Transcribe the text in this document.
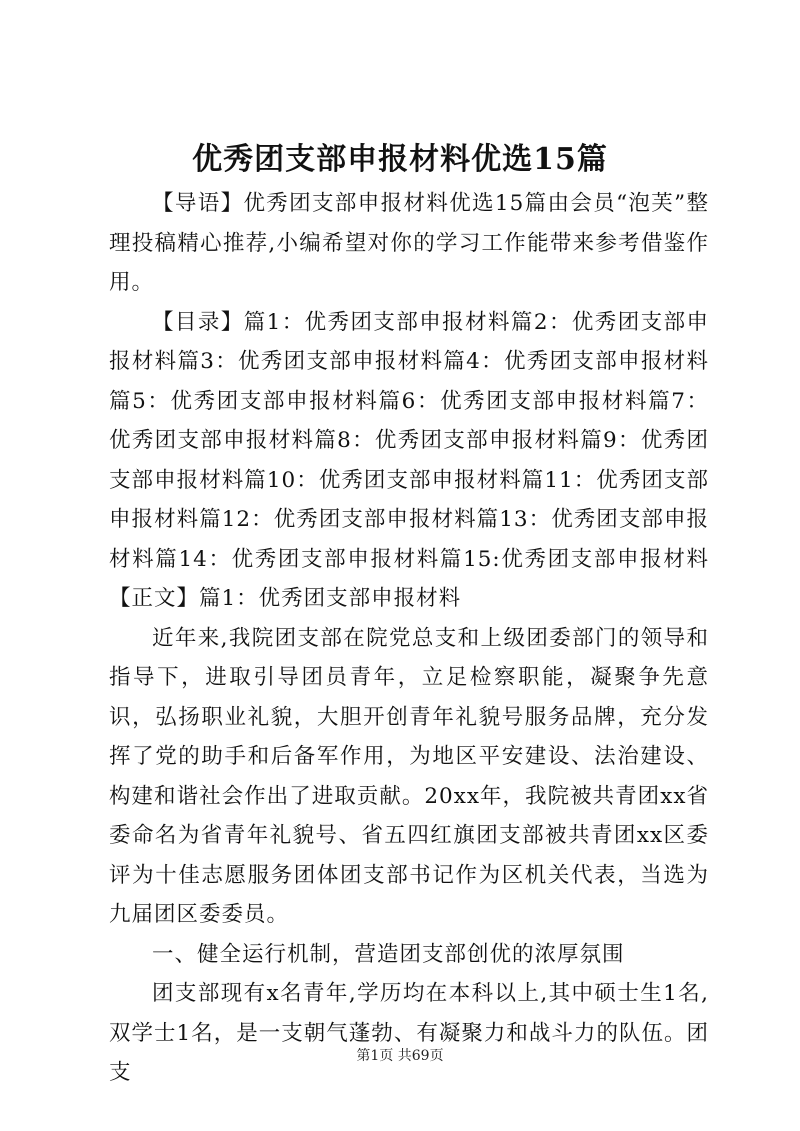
优秀团支部申报材料优选15篇

【导语】优秀团支部申报材料优选15篇由会员“泡芙”整理投稿精心推荐,小编希望对你的学习工作能带来参考借鉴作用。

【目录】篇1：优秀团支部申报材料篇2：优秀团支部申报材料篇3：优秀团支部申报材料篇4：优秀团支部申报材料篇5：优秀团支部申报材料篇6：优秀团支部申报材料篇7：优秀团支部申报材料篇8：优秀团支部申报材料篇9：优秀团支部申报材料篇10：优秀团支部申报材料篇11：优秀团支部申报材料篇12：优秀团支部申报材料篇13：优秀团支部申报材料篇14：优秀团支部申报材料篇15:优秀团支部申报材料【正文】篇1：优秀团支部申报材料

近年来,我院团支部在院党总支和上级团委部门的领导和指导下，进取引导团员青年，立足检察职能，凝聚争先意识，弘扬职业礼貌，大胆开创青年礼貌号服务品牌，充分发挥了党的助手和后备军作用，为地区平安建设、法治建设、构建和谐社会作出了进取贡献。20xx年，我院被共青团xx省委命名为省青年礼貌号、省五四红旗团支部被共青团xx区委评为十佳志愿服务团体团支部书记作为区机关代表，当选为九届团区委委员。

一、健全运行机制，营造团支部创优的浓厚氛围

团支部现有x名青年,学历均在本科以上,其中硕士生1名,双学士1名，是一支朝气蓬勃、有凝聚力和战斗力的队伍。团支

第1页 共69页
